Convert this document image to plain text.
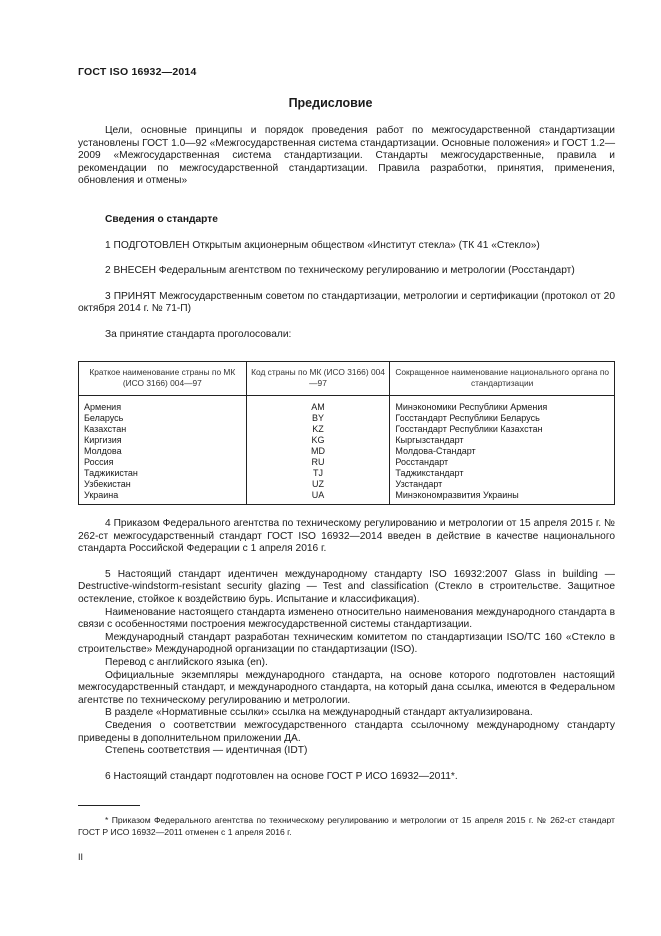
ГОСТ ISO 16932—2014
Предисловие

Цели, основные принципы и порядок проведения работ по межгосударственной стандартизации установлены ГОСТ 1.0—92 «Межгосударственная система стандартизации. Основные положения» и ГОСТ 1.2—2009 «Межгосударственная система стандартизации. Стандарты межгосударственные, правила и рекомендации по межгосударственной стандартизации. Правила разработки, принятия, применения, обновления и отмены»

Сведения о стандарте

1 ПОДГОТОВЛЕН Открытым акционерным обществом «Институт стекла» (ТК 41 «Стекло»)

2 ВНЕСЕН Федеральным агентством по техническому регулированию и метрологии (Росстандарт)

3 ПРИНЯТ Межгосударственным советом по стандартизации, метрологии и сертификации (протокол от 20 октября 2014 г. № 71-П)

За принятие стандарта проголосовали:

Краткое наименование страны по МК (ИСО 3166) 004—97	Код страны по МК (ИСО 3166) 004—97	Сокращенное наименование национального органа по стандартизации
Армения	AM	Минэкономики Республики Армения
Беларусь	BY	Госстандарт Республики Беларусь
Казахстан	KZ	Госстандарт Республики Казахстан
Киргизия	KG	Кыргызстандарт
Молдова	MD	Молдова-Стандарт
Россия	RU	Росстандарт
Таджикистан	TJ	Таджикстандарт
Узбекистан	UZ	Узстандарт
Украина	UA	Минэкономразвития Украины

4 Приказом Федерального агентства по техническому регулированию и метрологии от 15 апреля 2015 г. № 262-ст межгосударственный стандарт ГОСТ ISO 16932—2014 введен в действие в качестве национального стандарта Российской Федерации с 1 апреля 2016 г.

5 Настоящий стандарт идентичен международному стандарту ISO 16932:2007 Glass in building — Destructive-windstorm-resistant security glazing — Test and classification (Стекло в строительстве. Защитное остекление, стойкое к воздействию бурь. Испытание и классификация).

Наименование настоящего стандарта изменено относительно наименования международного стандарта в связи с особенностями построения межгосударственной системы стандартизации.

Международный стандарт разработан техническим комитетом по стандартизации ISO/TC 160 «Стекло в строительстве» Международной организации по стандартизации (ISO).

Перевод с английского языка (en).

Официальные экземпляры международного стандарта, на основе которого подготовлен настоящий межгосударственный стандарт, и международного стандарта, на который дана ссылка, имеются в Федеральном агентстве по техническому регулированию и метрологии.

В разделе «Нормативные ссылки» ссылка на международный стандарт актуализирована.

Сведения о соответствии межгосударственного стандарта ссылочному международному стандарту приведены в дополнительном приложении ДА.

Степень соответствия — идентичная (IDT)

6 Настоящий стандарт подготовлен на основе ГОСТ Р ИСО 16932—2011*.

* Приказом Федерального агентства по техническому регулированию и метрологии от 15 апреля 2015 г. № 262-ст стандарт ГОСТ Р ИСО 16932—2011 отменен с 1 апреля 2016 г.
II
